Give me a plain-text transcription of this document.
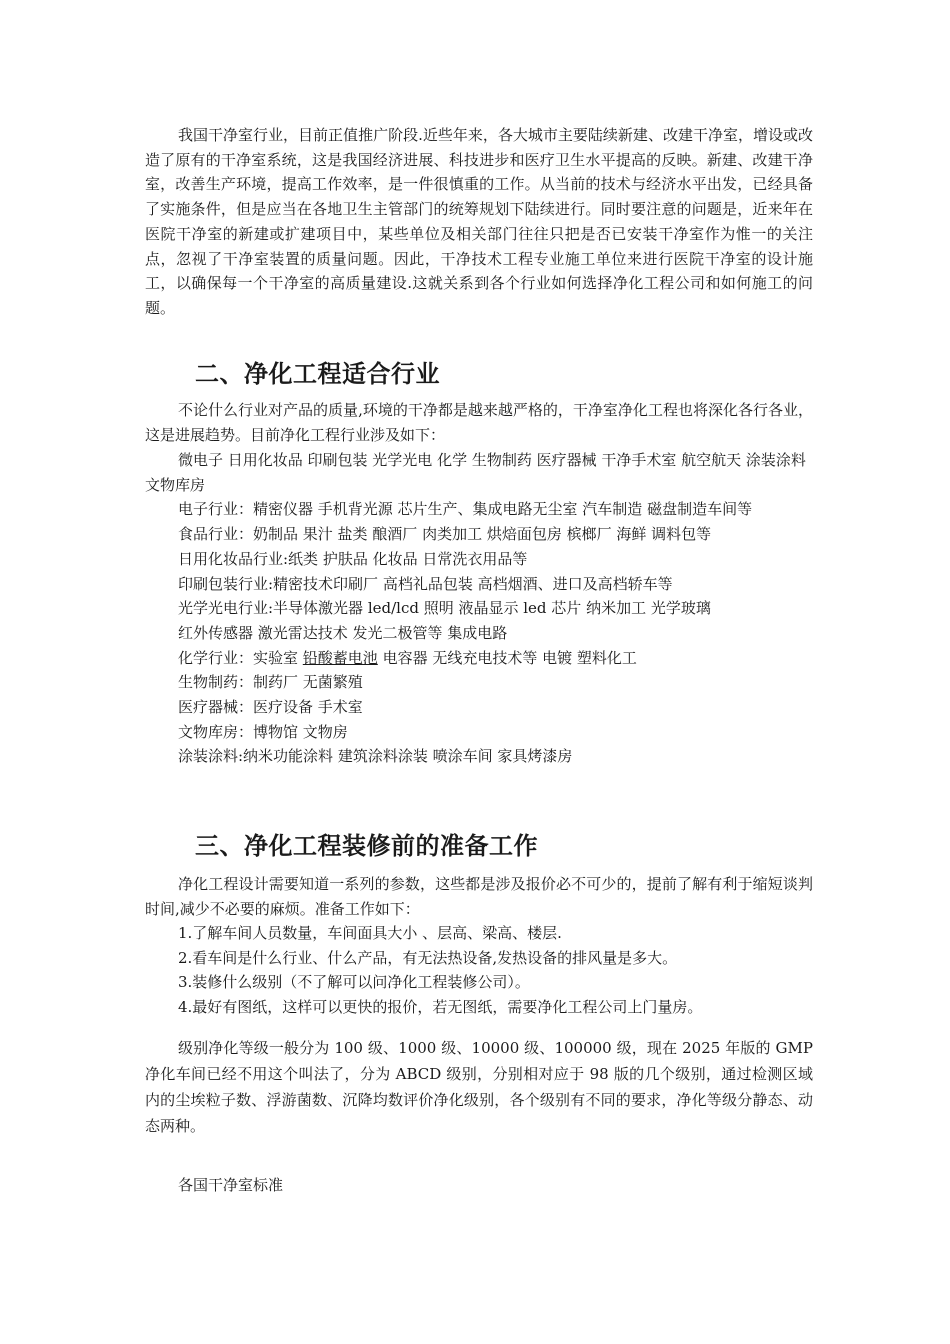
我国干净室行业，目前正值推广阶段.近些年来，各大城市主要陆续新建、改建干净室，增设或改造了原有的干净室系统，这是我国经济进展、科技进步和医疗卫生水平提高的反映。新建、改建干净室，改善生产环境，提高工作效率，是一件很慎重的工作。从当前的技术与经济水平出发，已经具备了实施条件，但是应当在各地卫生主管部门的统筹规划下陆续进行。同时要注意的问题是，近来年在医院干净室的新建或扩建项目中，某些单位及相关部门往往只把是否已安装干净室作为惟一的关注点，忽视了干净室装置的质量问题。因此，干净技术工程专业施工单位来进行医院干净室的设计施工，以确保每一个干净室的高质量建设.这就关系到各个行业如何选择净化工程公司和如何施工的问题。

二、净化工程适合行业

不论什么行业对产品的质量,环境的干净都是越来越严格的，干净室净化工程也将深化各行各业，这是进展趋势。目前净化工程行业涉及如下：

微电子 日用化妆品 印刷包装 光学光电 化学 生物制药 医疗器械 干净手术室 航空航天 涂装涂料 文物库房
电子行业：精密仪器 手机背光源 芯片生产、集成电路无尘室 汽车制造 磁盘制造车间等
食品行业：奶制品 果汁 盐类 酿酒厂 肉类加工 烘焙面包房 槟榔厂 海鲜 调料包等
日用化妆品行业:纸类 护肤品 化妆品 日常洗衣用品等
印刷包装行业:精密技术印刷厂 高档礼品包装 高档烟酒、进口及高档轿车等
光学光电行业:半导体激光器 led/lcd 照明 液晶显示 led 芯片 纳米加工 光学玻璃
红外传感器 激光雷达技术 发光二极管等 集成电路
化学行业：实验室 铅酸蓄电池 电容器 无线充电技术等 电镀 塑料化工
生物制药：制药厂 无菌繁殖
医疗器械：医疗设备 手术室
文物库房：博物馆 文物房
涂装涂料:纳米功能涂料 建筑涂料涂装 喷涂车间 家具烤漆房
三、净化工程装修前的准备工作

净化工程设计需要知道一系列的参数，这些都是涉及报价必不可少的，提前了解有利于缩短谈判时间,减少不必要的麻烦。准备工作如下：

1.了解车间人员数量，车间面具大小 、层高、梁高、楼层.
2.看车间是什么行业、什么产品，有无法热设备,发热设备的排风量是多大。
3.装修什么级别（不了解可以问净化工程装修公司）。
4.最好有图纸，这样可以更快的报价，若无图纸，需要净化工程公司上门量房。

级别净化等级一般分为 100 级、1000 级、10000 级、100000 级，现在 2025 年版的 GMP 净化车间已经不用这个叫法了，分为 ABCD 级别，分别相对应于 98 版的几个级别，通过检测区域内的尘埃粒子数、浮游菌数、沉降均数评价净化级别，各个级别有不同的要求，净化等级分静态、动态两种。

各国干净室标准
